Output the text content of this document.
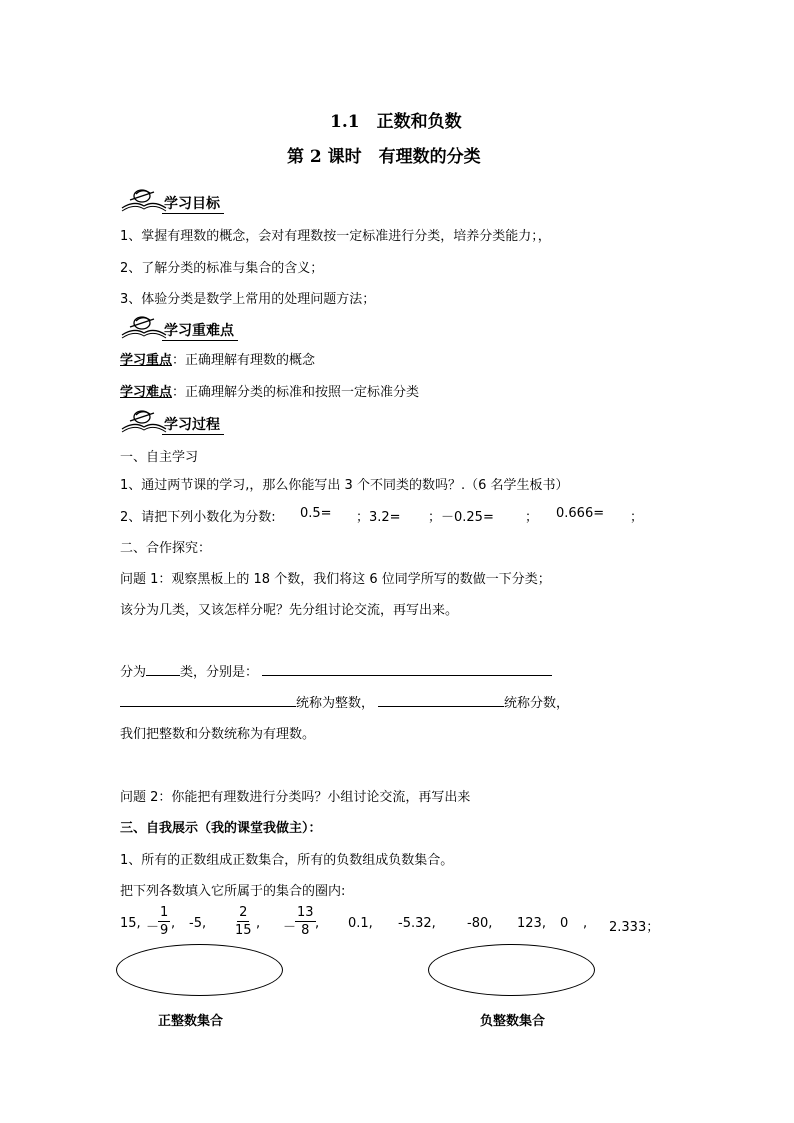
1.1　正数和负数
第 2 课时　有理数的分类
学习目标
1、掌握有理数的概念，会对有理数按一定标准进行分类，培养分类能力；，
2、了解分类的标准与集合的含义；
3、体验分类是数学上常用的处理问题方法；
学习重难点
学习重点：正确理解有理数的概念
学习难点：正确理解分类的标准和按照一定标准分类
学习过程
一、自主学习
1、通过两节课的学习,，那么你能写出 3 个不同类的数吗？.（6 名学生板书）
2、请把下列小数化为分数: 0.5= ；3.2= ；－0.25= ； 0.666= ；
二、合作探究：
问题 1：观察黑板上的 18 个数，我们将这 6 位同学所写的数做一下分类；
该分为几类，又该怎样分呢？先分组讨论交流，再写出来。
分为	类，分别是：
统称为整数，	统称分数，
我们把整数和分数统称为有理数。
问题 2：你能把有理数进行分类吗？小组讨论交流，再写出来
三、自我展示（我的课堂我做主）：
1、所有的正数组成正数集合，所有的负数组成负数集合。
把下列各数填入它所属于的集合的圈内:
15, －
$\frac{1}{9}$ , -5, $\frac{2}{15}$ , －
$\frac{13}{8}$ , 0.1, -5.32, -80, 123, 0 , 2.333；
正整数集合	负整数集合
